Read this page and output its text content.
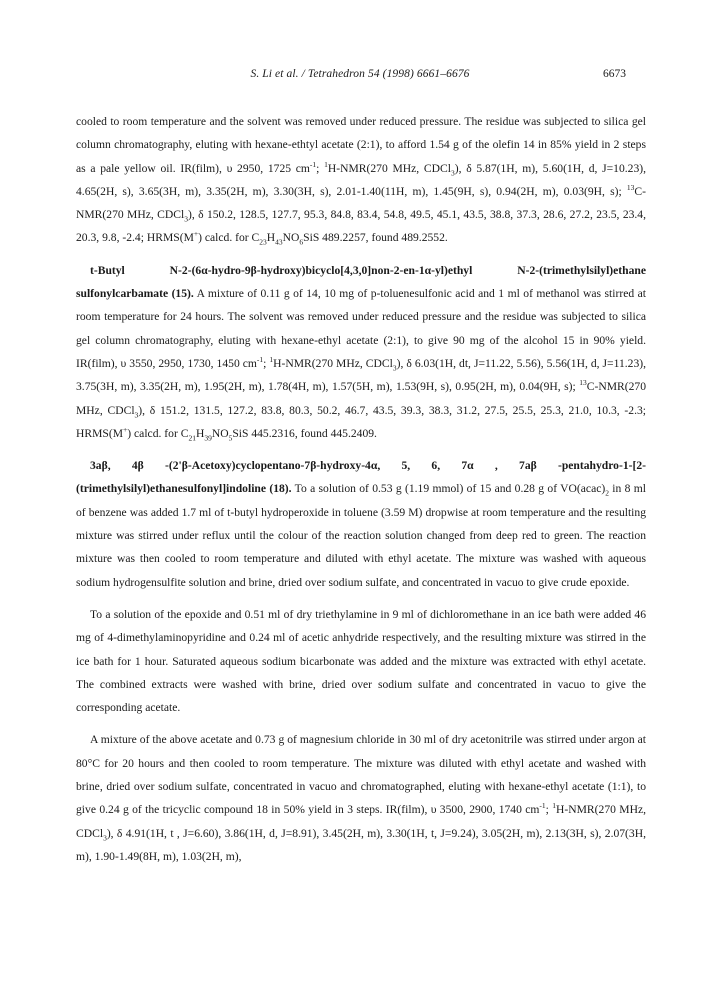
S. Li et al. / Tetrahedron 54 (1998) 6661–6676	6673

cooled to room temperature and the solvent was removed under reduced pressure. The residue was subjected to silica gel column chromatography, eluting with hexane-ethtyl acetate (2:1), to afford 1.54 g of the olefin 14 in 85% yield in 2 steps as a pale yellow oil. IR(film), υ 2950, 1725 $cm^{-1}$; $^1$H-NMR(270 MHz, CDCl$_3$), δ 5.87(1H, m), 5.60(1H, d, J=10.23), 4.65(2H, s), 3.65(3H, m), 3.35(2H, m), 3.30(3H, s), 2.01-1.40(11H, m), 1.45(9H, s), 0.94(2H, m), 0.03(9H, s); $^{13}$C-NMR(270 MHz, CDCl$_3$), δ 150.2, 128.5, 127.7, 95.3, 84.8, 83.4, 54.8, 49.5, 45.1, 43.5, 38.8, 37.3, 28.6, 27.2, 23.5, 23.4, 20.3, 9.8, -2.4; HRMS(M+) calcd. for $C_{23}H_{43}NO_6SiS$ 489.2257, found 489.2552.

t-Butyl N-2-(6α-hydro-9β-hydroxy)bicyclo[4,3,0]non-2-en-1α-yl)ethyl N-2-(trimethylsilyl)ethane sulfonylcarbamate (15). A mixture of 0.11 g of 14, 10 mg of p-toluenesulfonic acid and 1 ml of methanol was stirred at room temperature for 24 hours. The solvent was removed under reduced pressure and the residue was subjected to silica gel column chromatography, eluting with hexane-ethyl acetate (2:1), to give 90 mg of the alcohol 15 in 90% yield. IR(film), υ 3550, 2950, 1730, 1450 $cm^{-1}$; $^1$H-NMR(270 MHz, CDCl$_3$), δ 6.03(1H, dt, J=11.22, 5.56), 5.56(1H, d, J=11.23), 3.75(3H, m), 3.35(2H, m), 1.95(2H, m), 1.78(4H, m), 1.57(5H, m), 1.53(9H, s), 0.95(2H, m), 0.04(9H, s); $^{13}$C-NMR(270 MHz, CDCl$_3$), δ 151.2, 131.5, 127.2, 83.8, 80.3, 50.2, 46.7, 43.5, 39.3, 38.3, 31.2, 27.5, 25.5, 25.3, 21.0, 10.3, -2.3; HRMS(M+) calcd. for $C_{21}H_{39}NO_5SiS$ 445.2316, found 445.2409.

3aβ, 4β -(2'β-Acetoxy)cyclopentano-7β-hydroxy-4α, 5, 6, 7α , 7aβ -pentahydro-1-[2-(trimethylsilyl)ethanesulfonyl]indoline (18). To a solution of 0.53 g (1.19 mmol) of 15 and 0.28 g of $VO(acac)_2$ in 8 ml of benzene was added 1.7 ml of t-butyl hydroperoxide in toluene (3.59 M) dropwise at room temperature and the resulting mixture was stirred under reflux until the colour of the reaction solution changed from deep red to green. The reaction mixture was then cooled to room temperature and diluted with ethyl acetate. The mixture was washed with aqueous sodium hydrogensulfite solution and brine, dried over sodium sulfate, and concentrated in vacuo to give crude epoxide.

To a solution of the epoxide and 0.51 ml of dry triethylamine in 9 ml of dichloromethane in an ice bath were added 46 mg of 4-dimethylaminopyridine and 0.24 ml of acetic anhydride respectively, and the resulting mixture was stirred in the ice bath for 1 hour. Saturated aqueous sodium bicarbonate was added and the mixture was extracted with ethyl acetate. The combined extracts were washed with brine, dried over sodium sulfate and concentrated in vacuo to give the corresponding acetate.

A mixture of the above acetate and 0.73 g of magnesium chloride in 30 ml of dry acetonitrile was stirred under argon at 80°C for 20 hours and then cooled to room temperature. The mixture was diluted with ethyl acetate and washed with brine, dried over sodium sulfate, concentrated in vacuo and chromatographed, eluting with hexane-ethyl acetate (1:1), to give 0.24 g of the tricyclic compound 18 in 50% yield in 3 steps. IR(film), υ 3500, 2900, 1740 $cm^{-1}$; $^1$H-NMR(270 MHz, CDCl$_3$), δ 4.91(1H, t , J=6.60), 3.86(1H, d, J=8.91), 3.45(2H, m), 3.30(1H, t, J=9.24), 3.05(2H, m), 2.13(3H, s), 2.07(3H, m), 1.90-1.49(8H, m), 1.03(2H, m),
